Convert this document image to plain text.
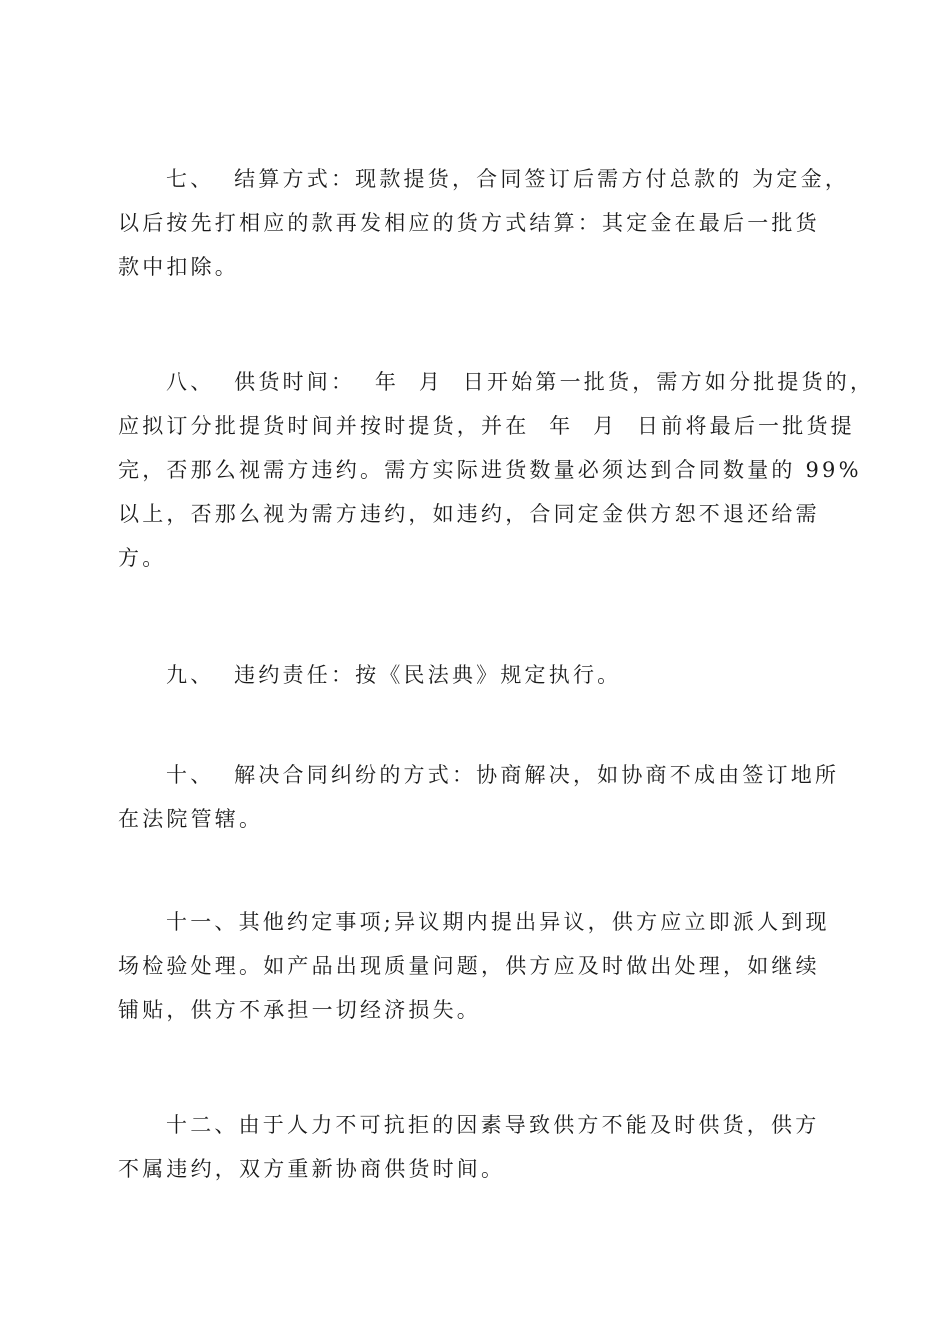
七、  结算方式：现款提货，合同签订后需方付总款的 为定金，
以后按先打相应的款再发相应的货方式结算：其定金在最后一批货
款中扣除。
八、  供货时间：  年  月  日开始第一批货，需方如分批提货的，
应拟订分批提货时间并按时提货，并在  年  月  日前将最后一批货提
完，否那么视需方违约。需方实际进货数量必须达到合同数量的 99%
以上，否那么视为需方违约，如违约，合同定金供方恕不退还给需
方。
九、  违约责任：按《民法典》规定执行。
十、  解决合同纠纷的方式：协商解决，如协商不成由签订地所
在法院管辖。
十一、其他约定事项;异议期内提出异议，供方应立即派人到现
场检验处理。如产品出现质量问题，供方应及时做出处理，如继续
铺贴，供方不承担一切经济损失。
十二、由于人力不可抗拒的因素导致供方不能及时供货，供方
不属违约，双方重新协商供货时间。
